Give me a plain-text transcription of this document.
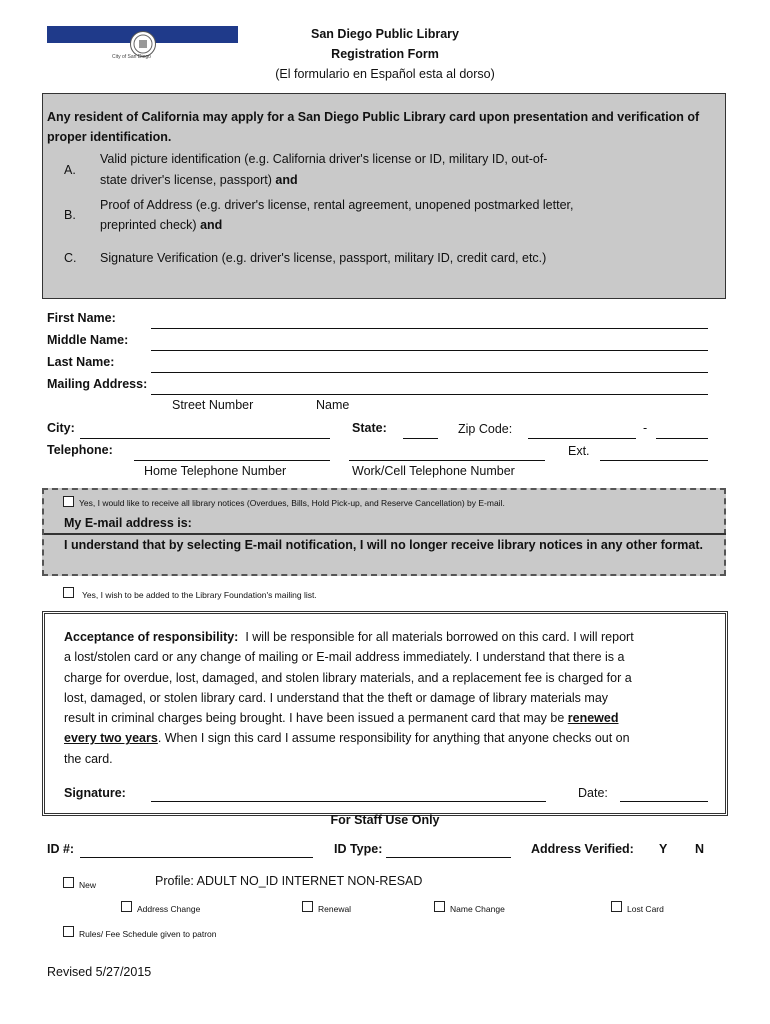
City of San Diego
San Diego Public Library
Registration Form
(El formulario en Español esta al dorso)
Any resident of California may apply for a San Diego Public Library card upon presentation and verification of proper identification.
A.
Valid picture identification (e.g. California driver's license or ID, military ID, out-of-
state driver's license, passport) and
B.
Proof of Address (e.g. driver's license, rental agreement, unopened postmarked letter,
preprinted check) and
C. Signature Verification (e.g. driver's license, passport, military ID, credit card, etc.)
First Name:
Middle Name:
Last Name:
Mailing Address:
Street Number	Name
City:	State:	Zip Code:	-
Telephone:	Ext.
Home Telephone Number	Work/Cell Telephone Number
Yes, I would like to receive all library notices (Overdues, Bills, Hold Pick-up, and Reserve Cancellation) by E-mail.
My E-mail address is:
I understand that by selecting E-mail notification, I will no longer receive library notices in any other format.
Yes, I wish to be added to the Library Foundation's mailing list.
Acceptance of responsibility: I will be responsible for all materials borrowed on this card. I will report
a lost/stolen card or any change of mailing or E-mail address immediately. I understand that there is a
charge for overdue, lost, damaged, and stolen library materials, and a replacement fee is charged for a
lost, damaged, or stolen library card. I understand that the theft or damage of library materials may
result in criminal charges being brought. I have been issued a permanent card that may be renewed
every two years. When I sign this card I assume responsibility for anything that anyone checks out on
the card.
Signature:	Date:
For Staff Use Only
ID #:	ID Type:	Address Verified: Y N
New	Profile: ADULT NO_ID INTERNET NON-RESAD
Address Change	Renewal	Name Change	Lost Card
Rules/ Fee Schedule given to patron
Revised 5/27/2015
